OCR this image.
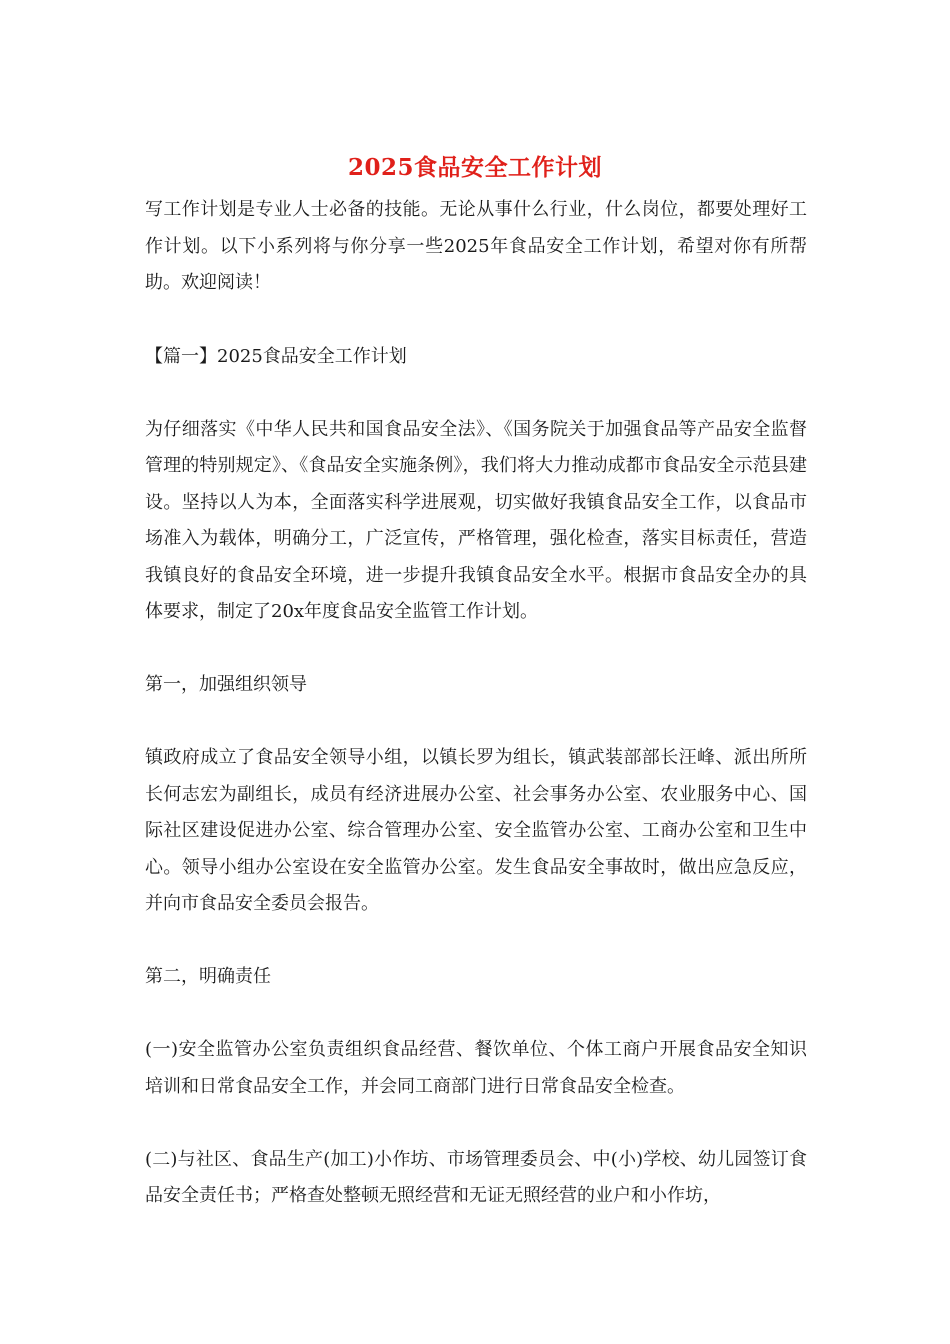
2025食品安全工作计划

写工作计划是专业人士必备的技能。无论从事什么行业，什么岗位，都要处理好工作计划。以下小系列将与你分享一些2025年食品安全工作计划，希望对你有所帮助。欢迎阅读！

【篇一】2025食品安全工作计划

为仔细落实《中华人民共和国食品安全法》、《国务院关于加强食品等产品安全监督管理的特别规定》、《食品安全实施条例》，我们将大力推动成都市食品安全示范县建设。坚持以人为本，全面落实科学进展观，切实做好我镇食品安全工作，以食品市场准入为载体，明确分工，广泛宣传，严格管理，强化检查，落实目标责任，营造我镇良好的食品安全环境，进一步提升我镇食品安全水平。根据市食品安全办的具体要求，制定了20x年度食品安全监管工作计划。

第一，加强组织领导

镇政府成立了食品安全领导小组，以镇长罗为组长，镇武装部部长汪峰、派出所所长何志宏为副组长，成员有经济进展办公室、社会事务办公室、农业服务中心、国际社区建设促进办公室、综合管理办公室、安全监管办公室、工商办公室和卫生中心。领导小组办公室设在安全监管办公室。发生食品安全事故时，做出应急反应，并向市食品安全委员会报告。

第二，明确责任

(一)安全监管办公室负责组织食品经营、餐饮单位、个体工商户开展食品安全知识培训和日常食品安全工作，并会同工商部门进行日常食品安全检查。

(二)与社区、食品生产(加工)小作坊、市场管理委员会、中(小)学校、幼儿园签订食品安全责任书；严格查处整顿无照经营和无证无照经营的业户和小作坊，
